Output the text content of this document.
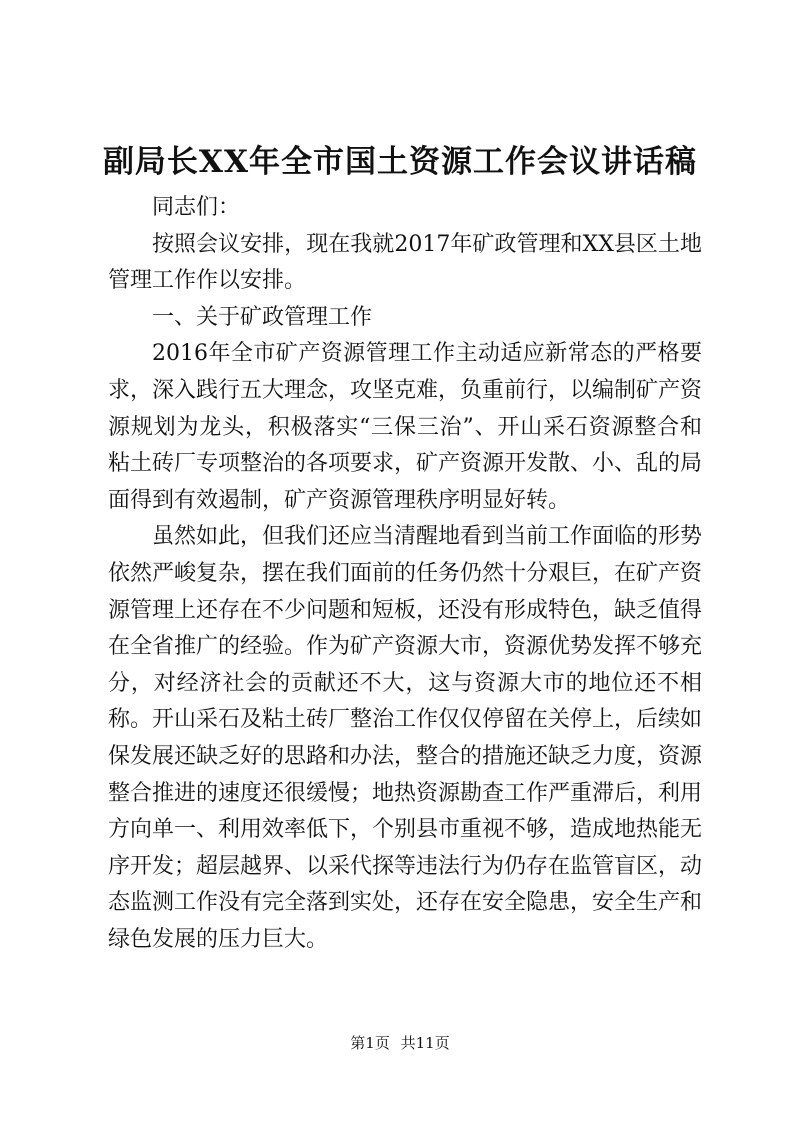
副局长XX年全市国土资源工作会议讲话稿

同志们：

按照会议安排，现在我就2017年矿政管理和XX县区土地管理工作作以安排。

一、关于矿政管理工作

2016年全市矿产资源管理工作主动适应新常态的严格要求，深入践行五大理念，攻坚克难，负重前行，以编制矿产资源规划为龙头，积极落实“三保三治”、开山采石资源整合和粘土砖厂专项整治的各项要求，矿产资源开发散、小、乱的局面得到有效遏制，矿产资源管理秩序明显好转。

虽然如此，但我们还应当清醒地看到当前工作面临的形势依然严峻复杂，摆在我们面前的任务仍然十分艰巨，在矿产资源管理上还存在不少问题和短板，还没有形成特色，缺乏值得在全省推广的经验。作为矿产资源大市，资源优势发挥不够充分，对经济社会的贡献还不大，这与资源大市的地位还不相称。开山采石及粘土砖厂整治工作仅仅停留在关停上，后续如保发展还缺乏好的思路和办法，整合的措施还缺乏力度，资源整合推进的速度还很缓慢；地热资源勘查工作严重滞后，利用方向单一、利用效率低下，个别县市重视不够，造成地热能无序开发；超层越界、以采代探等违法行为仍存在监管盲区，动态监测工作没有完全落到实处，还存在安全隐患，安全生产和绿色发展的压力巨大。

第1页 共11页
